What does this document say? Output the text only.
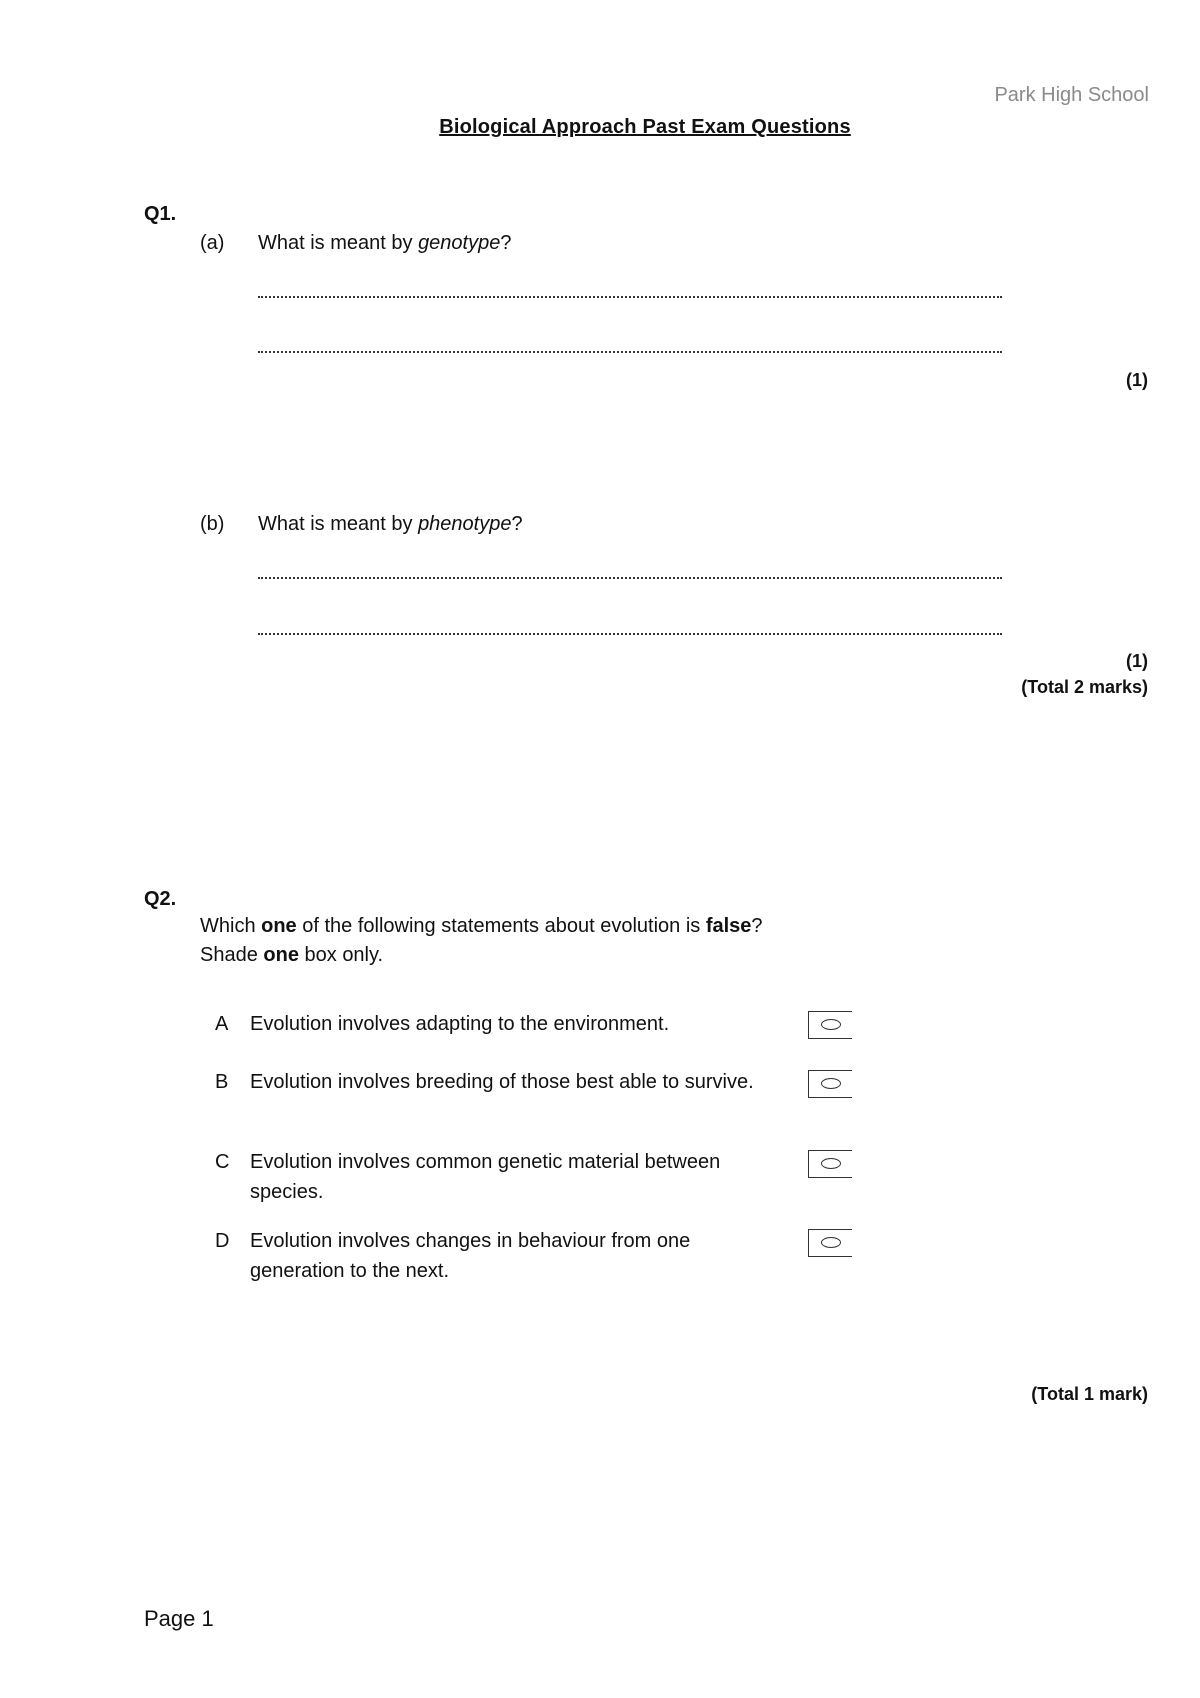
Park High School
Biological Approach Past Exam Questions
Q1.
(a) What is meant by genotype?
(1)
(b) What is meant by phenotype?
(1)
(Total 2 marks)
Q2.
Which one of the following statements about evolution is false?
Shade one box only.
A Evolution involves adapting to the environment.
B Evolution involves breeding of those best able to survive.
C Evolution involves common genetic material between species.
D Evolution involves changes in behaviour from one generation to the next.
(Total 1 mark)
Page 1
